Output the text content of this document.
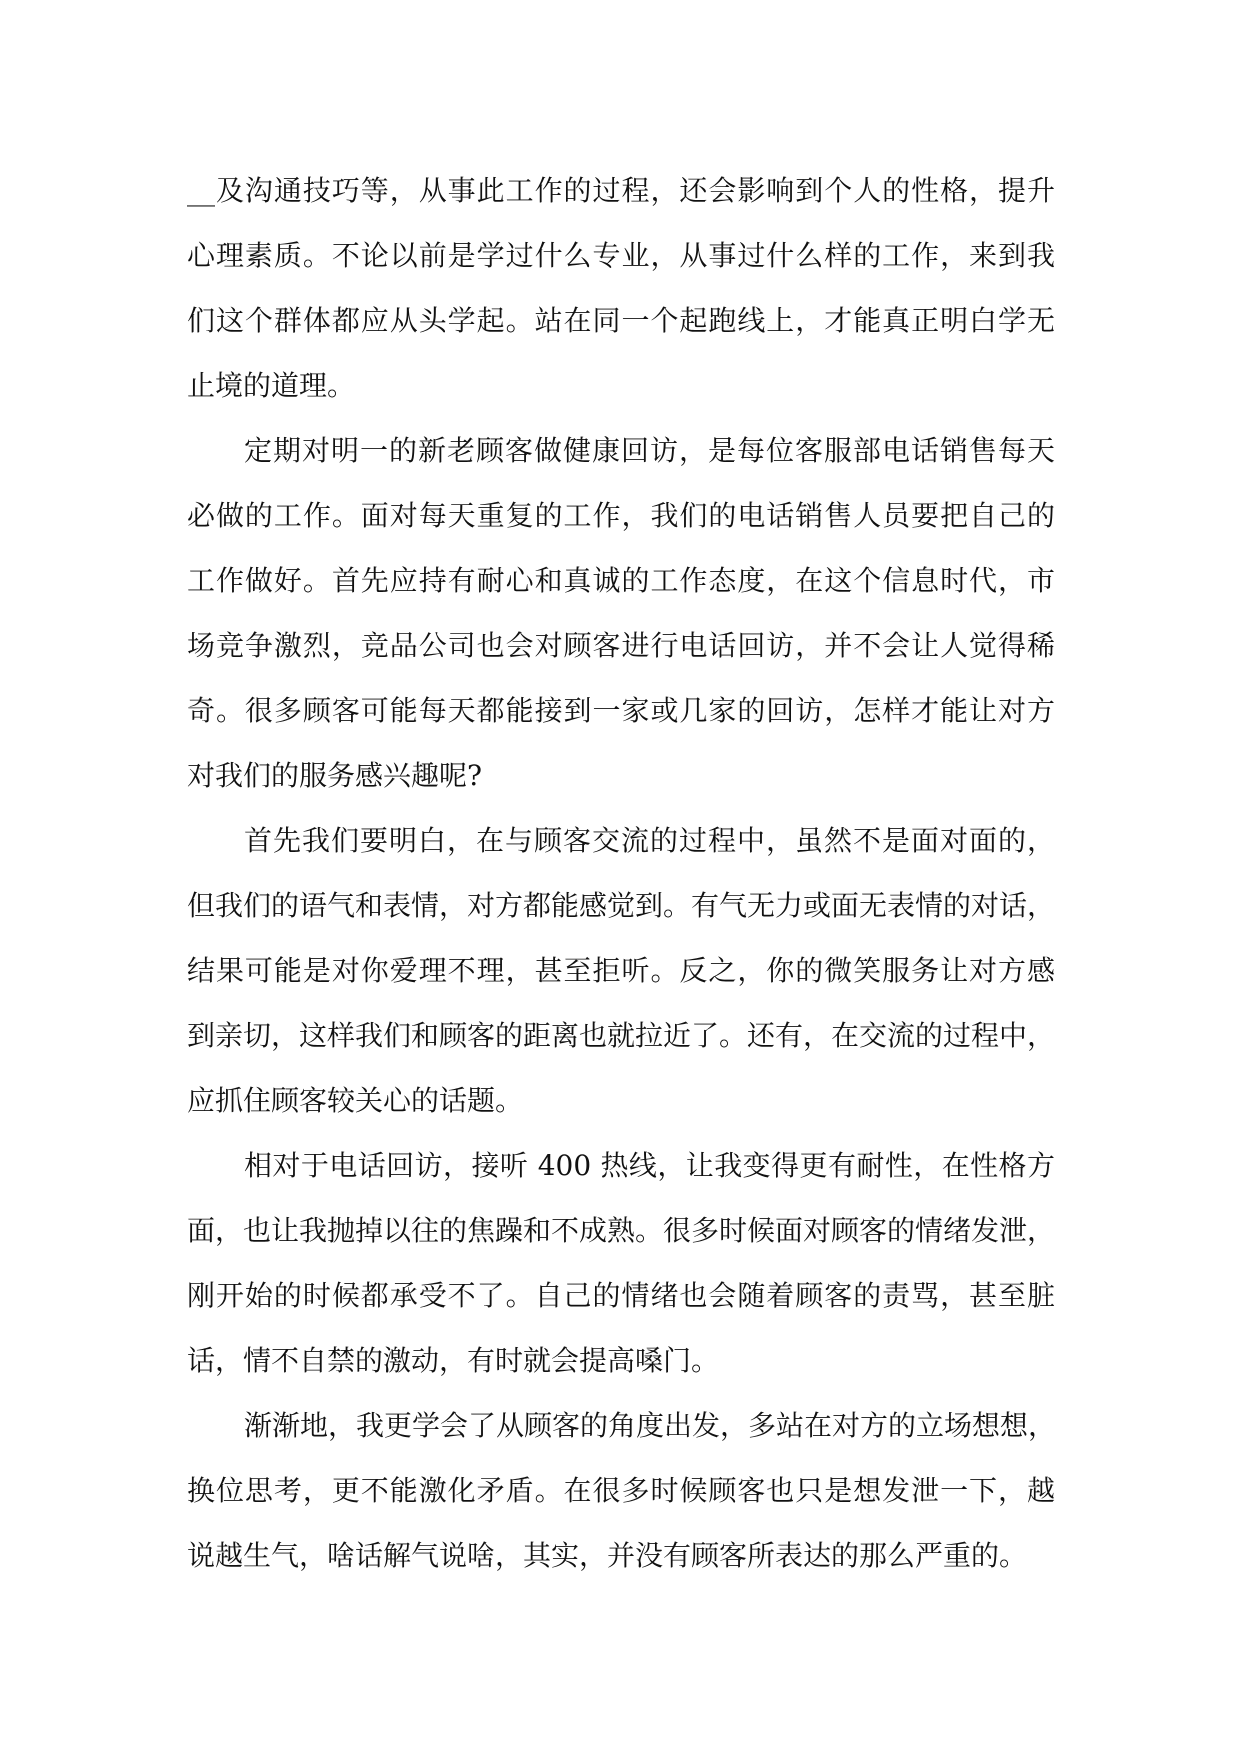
__及沟通技巧等，从事此工作的过程，还会影响到个人的性格，提升
心理素质。不论以前是学过什么专业，从事过什么样的工作，来到我
们这个群体都应从头学起。站在同一个起跑线上，才能真正明白学无
止境的道理。

定期对明一的新老顾客做健康回访，是每位客服部电话销售每天
必做的工作。面对每天重复的工作，我们的电话销售人员要把自己的
工作做好。首先应持有耐心和真诚的工作态度，在这个信息时代，市
场竞争激烈，竞品公司也会对顾客进行电话回访，并不会让人觉得稀
奇。很多顾客可能每天都能接到一家或几家的回访，怎样才能让对方
对我们的服务感兴趣呢?

首先我们要明白，在与顾客交流的过程中，虽然不是面对面的，
但我们的语气和表情，对方都能感觉到。有气无力或面无表情的对话，
结果可能是对你爱理不理，甚至拒听。反之，你的微笑服务让对方感
到亲切，这样我们和顾客的距离也就拉近了。还有，在交流的过程中，
应抓住顾客较关心的话题。

相对于电话回访，接听 400 热线，让我变得更有耐性，在性格方
面，也让我抛掉以往的焦躁和不成熟。很多时候面对顾客的情绪发泄，
刚开始的时候都承受不了。自己的情绪也会随着顾客的责骂，甚至脏
话，情不自禁的激动，有时就会提高嗓门。

渐渐地，我更学会了从顾客的角度出发，多站在对方的立场想想，
换位思考，更不能激化矛盾。在很多时候顾客也只是想发泄一下，越
说越生气，啥话解气说啥，其实，并没有顾客所表达的那么严重的。
